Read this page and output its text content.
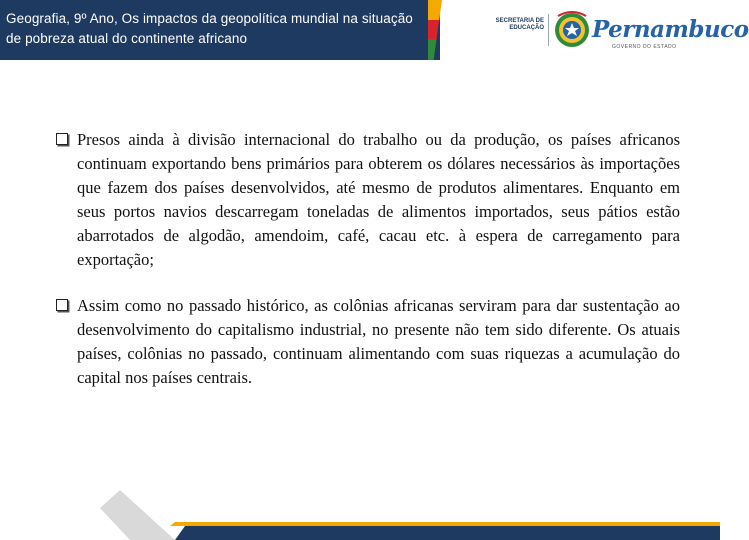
Geografia, 9º Ano, Os impactos da geopolítica mundial na situação de pobreza atual do continente africano
SECRETARIA DE EDUCAÇÃO Pernambuco
GOVERNO DO ESTADO
Presos ainda à divisão internacional do trabalho ou da produção, os países africanos continuam exportando bens primários para obterem os dólares necessários às importações que fazem dos países desenvolvidos, até mesmo de produtos alimentares. Enquanto em seus portos navios descarregam toneladas de alimentos importados, seus pátios estão abarrotados de algodão, amendoim, café, cacau etc. à espera de carregamento para exportação;
Assim como no passado histórico, as colônias africanas serviram para dar sustentação ao desenvolvimento do capitalismo industrial, no presente não tem sido diferente. Os atuais países, colônias no passado, continuam alimentando com suas riquezas a acumulação do capital nos países centrais.
